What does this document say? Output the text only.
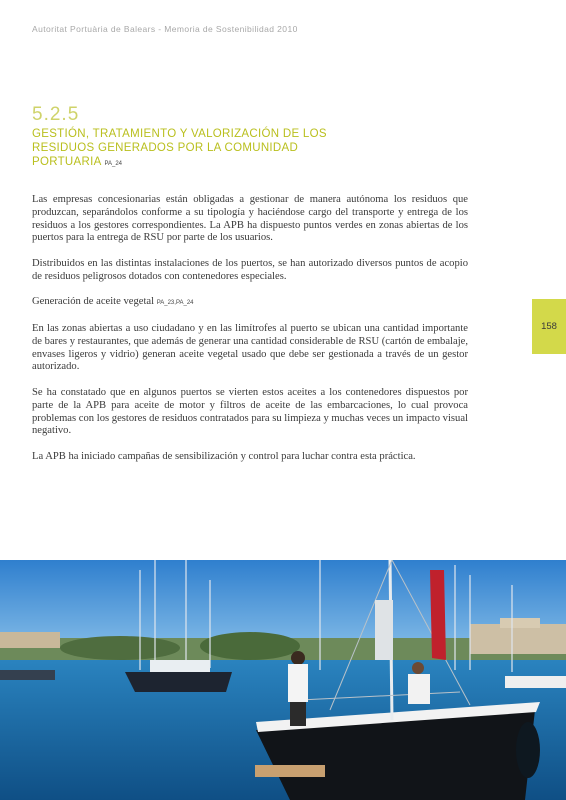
Autoritat Portuària de Balears - Memoria de Sostenibilidad 2010
5.2.5
GESTIÓN, TRATAMIENTO Y VALORIZACIÓN DE LOS RESIDUOS GENERADOS POR LA COMUNIDAD PORTUARIA PA_24

Las empresas concesionarias están obligadas a gestionar de manera autónoma los residuos que produzcan, separándolos conforme a su tipología y haciéndose cargo del transporte y entrega de los residuos a los gestores correspondientes. La APB ha dispuesto puntos verdes en zonas abiertas de los puertos para la entrega de RSU por parte de los usuarios.

Distribuidos en las distintas instalaciones de los puertos, se han autorizado diversos puntos de acopio de residuos peligrosos dotados con contenedores especiales.

Generación de aceite vegetal PA_23,PA_24

En las zonas abiertas a uso ciudadano y en las limítrofes al puerto se ubican una cantidad importante de bares y restaurantes, que además de generar una cantidad considerable de RSU (cartón de embalaje, envases ligeros y vidrio) generan aceite vegetal usado que debe ser gestionada a través de un gestor autorizado.

Se ha constatado que en algunos puertos se vierten estos aceites a los contenedores dispuestos por parte de la APB para aceite de motor y filtros de aceite de las embarcaciones, lo cual provoca problemas con los gestores de residuos contratados para su limpieza y muchas veces un impacto visual negativo.

La APB ha iniciado campañas de sensibilización y control para luchar contra esta práctica.

158
